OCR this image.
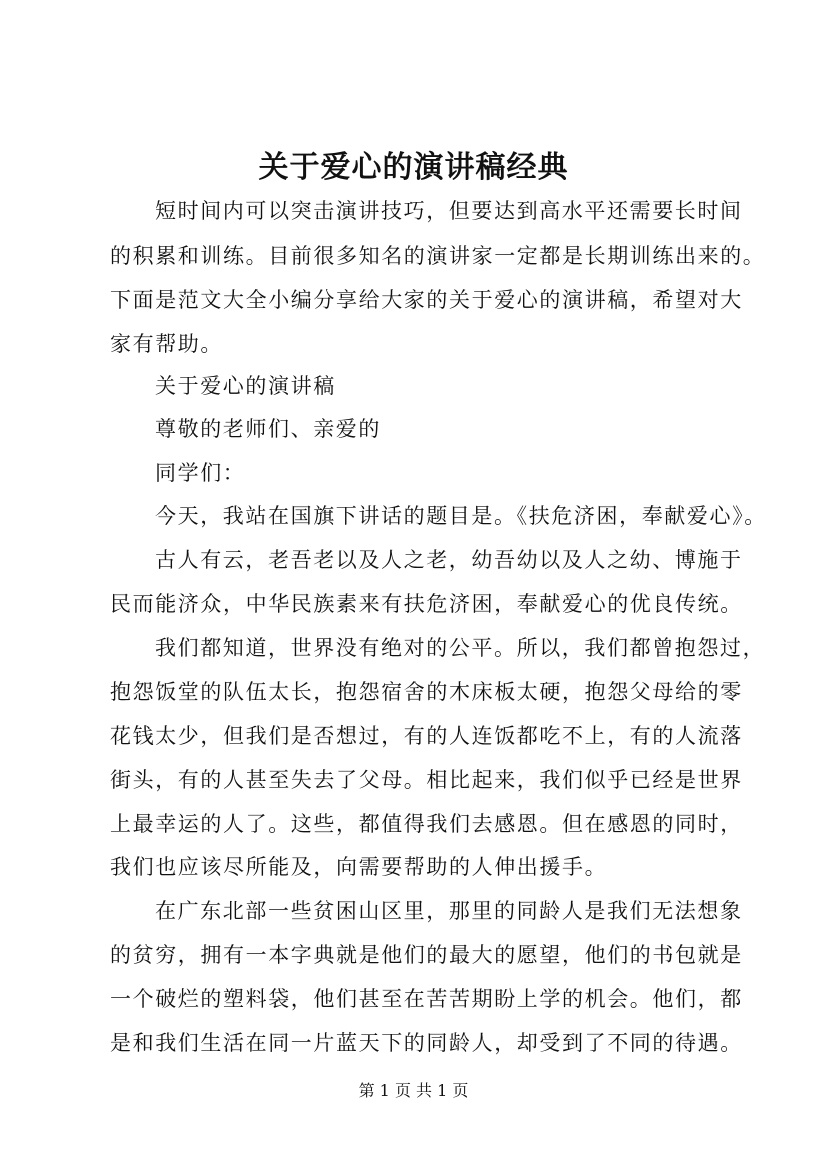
关于爱心的演讲稿经典
短时间内可以突击演讲技巧，但要达到高水平还需要长时间
的积累和训练。目前很多知名的演讲家一定都是长期训练出来的。
下面是范文大全小编分享给大家的关于爱心的演讲稿，希望对大
家有帮助。
关于爱心的演讲稿
尊敬的老师们、亲爱的
同学们：
今天，我站在国旗下讲话的题目是。《扶危济困，奉献爱心》。
古人有云，老吾老以及人之老，幼吾幼以及人之幼、博施于
民而能济众，中华民族素来有扶危济困，奉献爱心的优良传统。
我们都知道，世界没有绝对的公平。所以，我们都曾抱怨过，
抱怨饭堂的队伍太长，抱怨宿舍的木床板太硬，抱怨父母给的零
花钱太少，但我们是否想过，有的人连饭都吃不上，有的人流落
街头，有的人甚至失去了父母。相比起来，我们似乎已经是世界
上最幸运的人了。这些，都值得我们去感恩。但在感恩的同时，
我们也应该尽所能及，向需要帮助的人伸出援手。
在广东北部一些贫困山区里，那里的同龄人是我们无法想象
的贫穷，拥有一本字典就是他们的最大的愿望，他们的书包就是
一个破烂的塑料袋，他们甚至在苦苦期盼上学的机会。他们，都
是和我们生活在同一片蓝天下的同龄人，却受到了不同的待遇。
第 1 页 共 1 页
